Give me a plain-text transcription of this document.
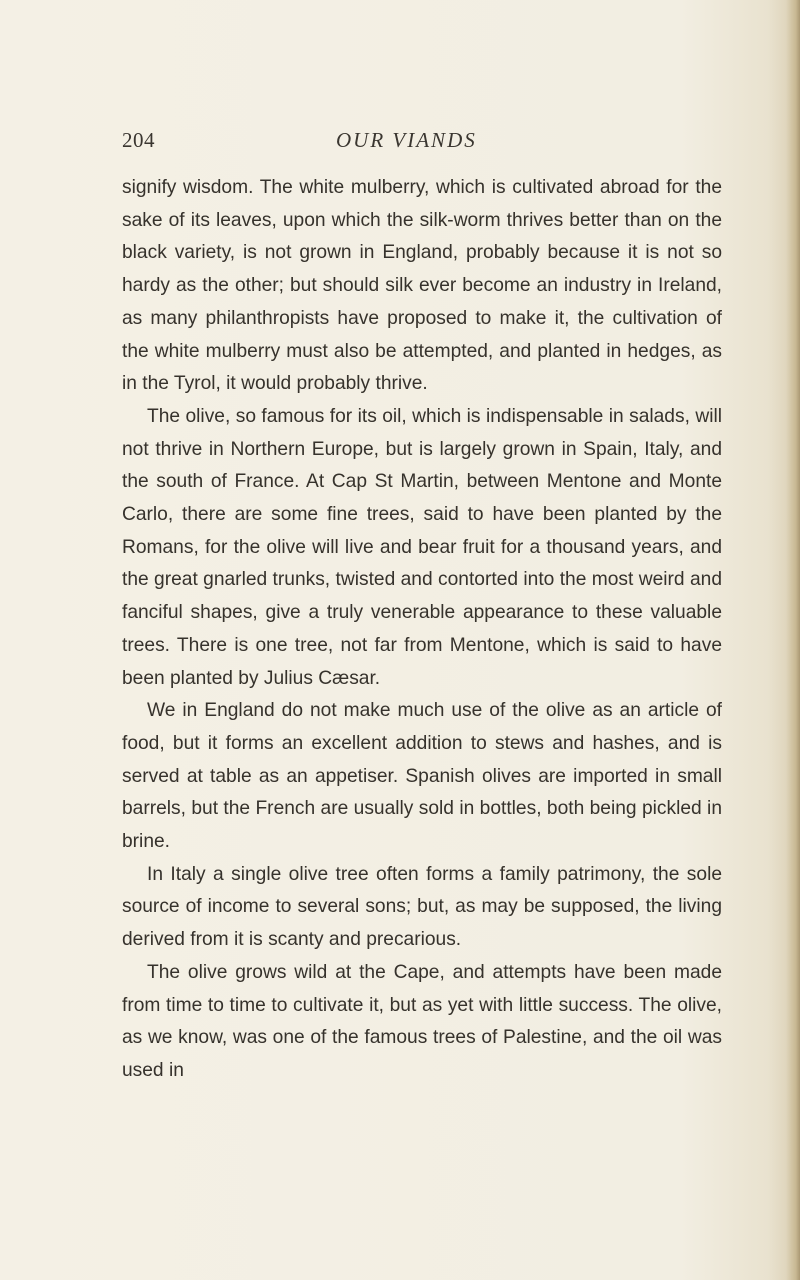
204	OUR VIANDS

signify wisdom. The white mulberry, which is cultivated abroad for the sake of its leaves, upon which the silk-worm thrives better than on the black variety, is not grown in England, probably because it is not so hardy as the other; but should silk ever become an industry in Ireland, as many philanthropists have proposed to make it, the cultivation of the white mulberry must also be attempted, and planted in hedges, as in the Tyrol, it would probably thrive.

The olive, so famous for its oil, which is indispensable in salads, will not thrive in Northern Europe, but is largely grown in Spain, Italy, and the south of France. At Cap St Martin, between Mentone and Monte Carlo, there are some fine trees, said to have been planted by the Romans, for the olive will live and bear fruit for a thousand years, and the great gnarled trunks, twisted and contorted into the most weird and fanciful shapes, give a truly venerable appearance to these valuable trees. There is one tree, not far from Mentone, which is said to have been planted by Julius Cæsar.

We in England do not make much use of the olive as an article of food, but it forms an excellent addition to stews and hashes, and is served at table as an appetiser. Spanish olives are imported in small barrels, but the French are usually sold in bottles, both being pickled in brine.

In Italy a single olive tree often forms a family patrimony, the sole source of income to several sons; but, as may be supposed, the living derived from it is scanty and precarious.

The olive grows wild at the Cape, and attempts have been made from time to time to cultivate it, but as yet with little success. The olive, as we know, was one of the famous trees of Palestine, and the oil was used in
